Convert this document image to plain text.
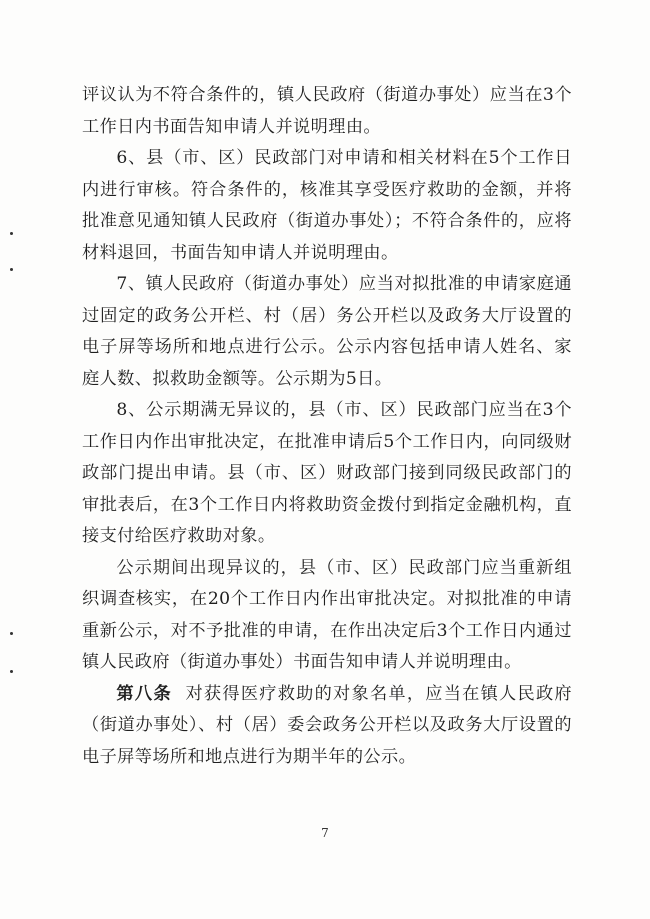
评议认为不符合条件的，镇人民政府（街道办事处）应当在3个工作日内书面告知申请人并说明理由。

6、县（市、区）民政部门对申请和相关材料在5个工作日内进行审核。符合条件的，核准其享受医疗救助的金额，并将批准意见通知镇人民政府（街道办事处）；不符合条件的，应将材料退回，书面告知申请人并说明理由。

7、镇人民政府（街道办事处）应当对拟批准的申请家庭通过固定的政务公开栏、村（居）务公开栏以及政务大厅设置的电子屏等场所和地点进行公示。公示内容包括申请人姓名、家庭人数、拟救助金额等。公示期为5日。

8、公示期满无异议的，县（市、区）民政部门应当在3个工作日内作出审批决定，在批准申请后5个工作日内，向同级财政部门提出申请。县（市、区）财政部门接到同级民政部门的审批表后，在3个工作日内将救助资金拨付到指定金融机构，直接支付给医疗救助对象。

公示期间出现异议的，县（市、区）民政部门应当重新组织调查核实，在20个工作日内作出审批决定。对拟批准的申请重新公示，对不予批准的申请，在作出决定后3个工作日内通过镇人民政府（街道办事处）书面告知申请人并说明理由。

第八条 对获得医疗救助的对象名单，应当在镇人民政府（街道办事处）、村（居）委会政务公开栏以及政务大厅设置的电子屏等场所和地点进行为期半年的公示。

7
